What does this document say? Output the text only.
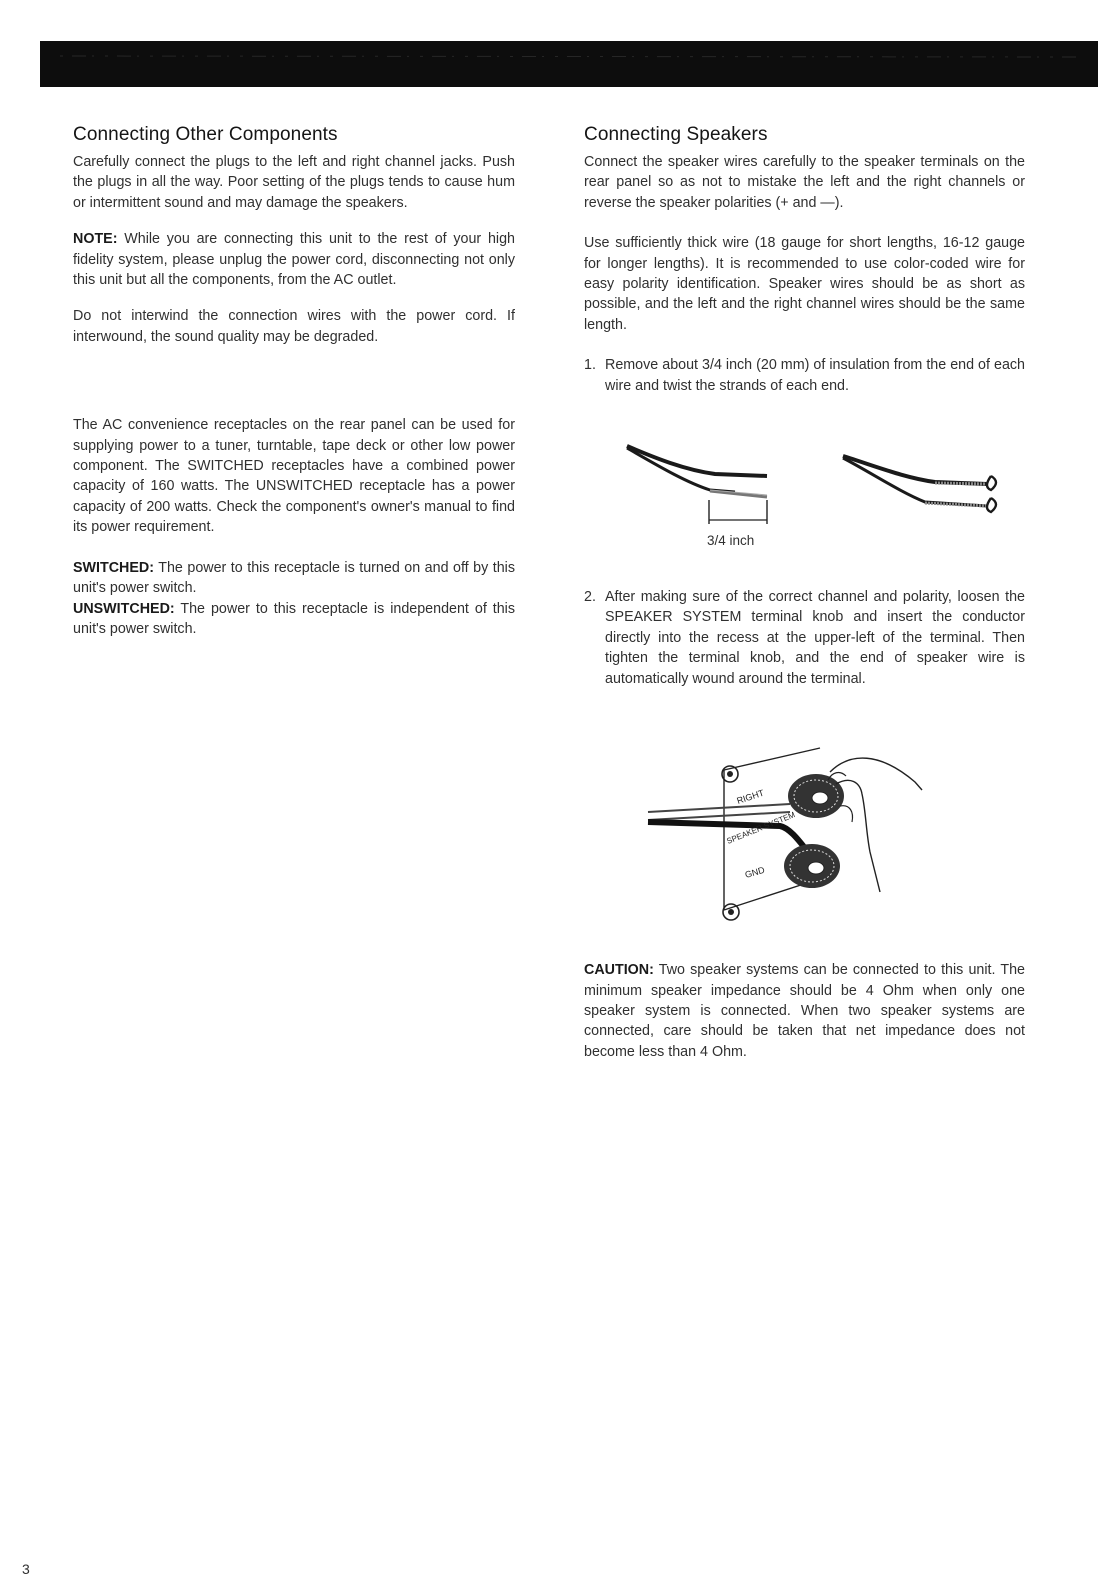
Connecting Other Components

Carefully connect the plugs to the left and right channel jacks. Push the plugs in all the way. Poor setting of the plugs tends to cause hum or intermittent sound and may damage the speakers.

NOTE: While you are connecting this unit to the rest of your high fidelity system, please unplug the power cord, disconnecting not only this unit but all the components, from the AC outlet.

Do not interwind the connection wires with the power cord. If interwound, the sound quality may be degraded.

The AC convenience receptacles on the rear panel can be used for supplying power to a tuner, turntable, tape deck or other low power component. The SWITCHED receptacles have a combined power capacity of 160 watts. The UNSWITCHED receptacle has a power capacity of 200 watts. Check the component's owner's manual to find its power requirement.

SWITCHED: The power to this receptacle is turned on and off by this unit's power switch.

UNSWITCHED: The power to this receptacle is independent of this unit's power switch.

Connecting Speakers

Connect the speaker wires carefully to the speaker terminals on the rear panel so as not to mistake the left and the right channels or reverse the speaker polarities (+ and —).

Use sufficiently thick wire (18 gauge for short lengths, 16-12 gauge for longer lengths). It is recommended to use color-coded wire for easy polarity identification. Speaker wires should be as short as possible, and the left and the right channel wires should be the same length.

1. Remove about 3/4 inch (20 mm) of insulation from the end of each wire and twist the strands of each end.
2. After making sure of the correct channel and polarity, loosen the SPEAKER SYSTEM terminal knob and insert the conductor directly into the recess at the upper-left of the terminal. Then tighten the terminal knob, and the end of speaker wire is automatically wound around the terminal.

CAUTION: Two speaker systems can be connected to this unit. The minimum speaker impedance should be 4 Ohm when only one speaker system is connected. When two speaker systems are connected, care should be taken that net impedance does not become less than 4 Ohm.

3/4 inch
RIGHT
SPEAKER SYSTEM
GND
3
